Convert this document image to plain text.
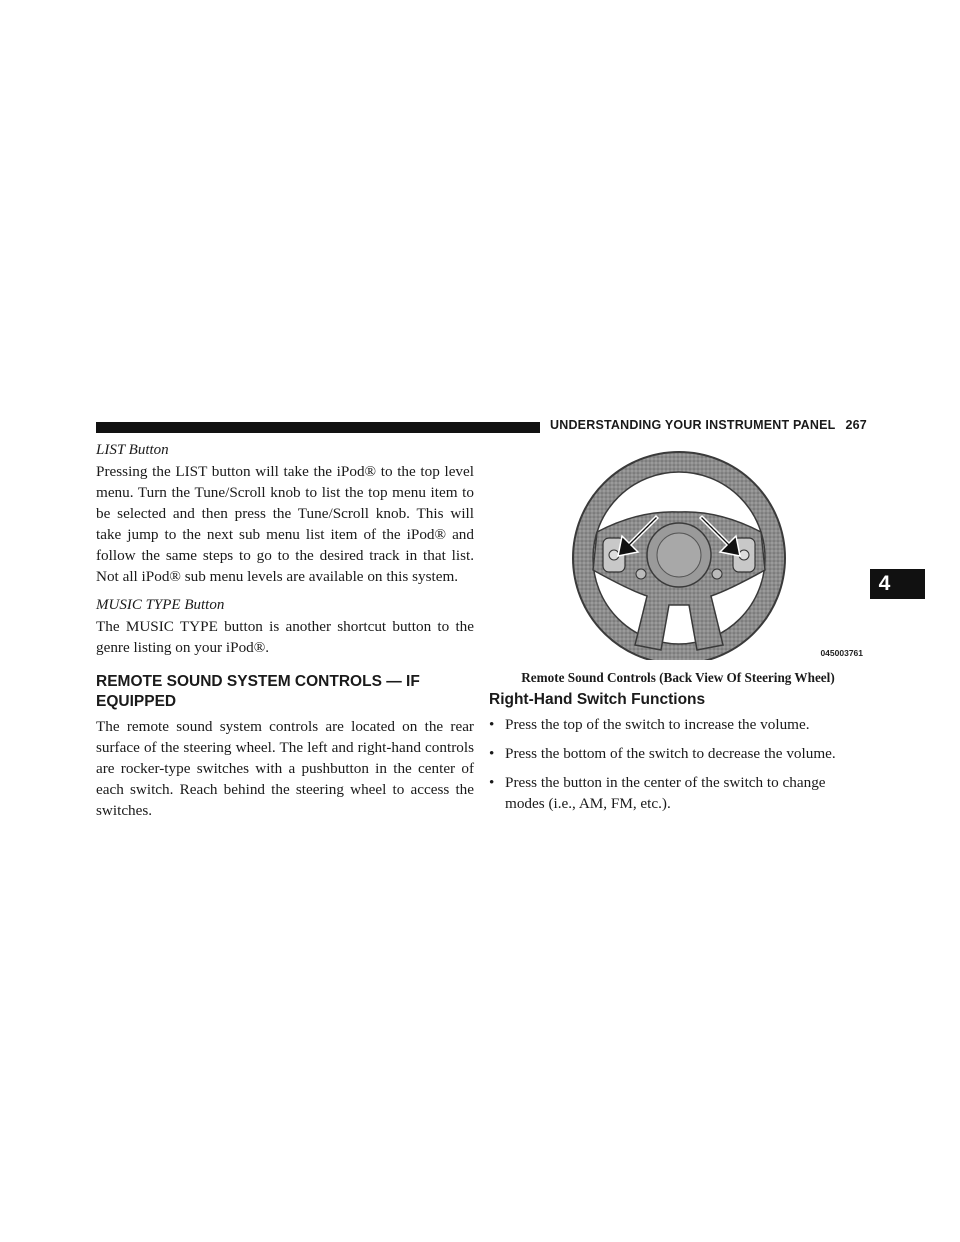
UNDERSTANDING YOUR INSTRUMENT PANEL 267

LIST Button

Pressing the LIST button will take the iPod® to the top level menu. Turn the Tune/Scroll knob to list the top menu item to be selected and then press the Tune/Scroll knob. This will take jump to the next sub menu list item of the iPod® and follow the same steps to go to the desired track in that list. Not all iPod® sub menu levels are available on this system.

MUSIC TYPE Button

The MUSIC TYPE button is another shortcut button to the genre listing on your iPod®.

REMOTE SOUND SYSTEM CONTROLS — IF EQUIPPED

The remote sound system controls are located on the rear surface of the steering wheel. The left and right-hand controls are rocker-type switches with a pushbutton in the center of each switch. Reach behind the steering wheel to access the switches.

045003761
Remote Sound Controls (Back View Of Steering Wheel)
Right-Hand Switch Functions
• Press the top of the switch to increase the volume.
• Press the bottom of the switch to decrease the volume.
• Press the button in the center of the switch to change modes (i.e., AM, FM, etc.).
4
